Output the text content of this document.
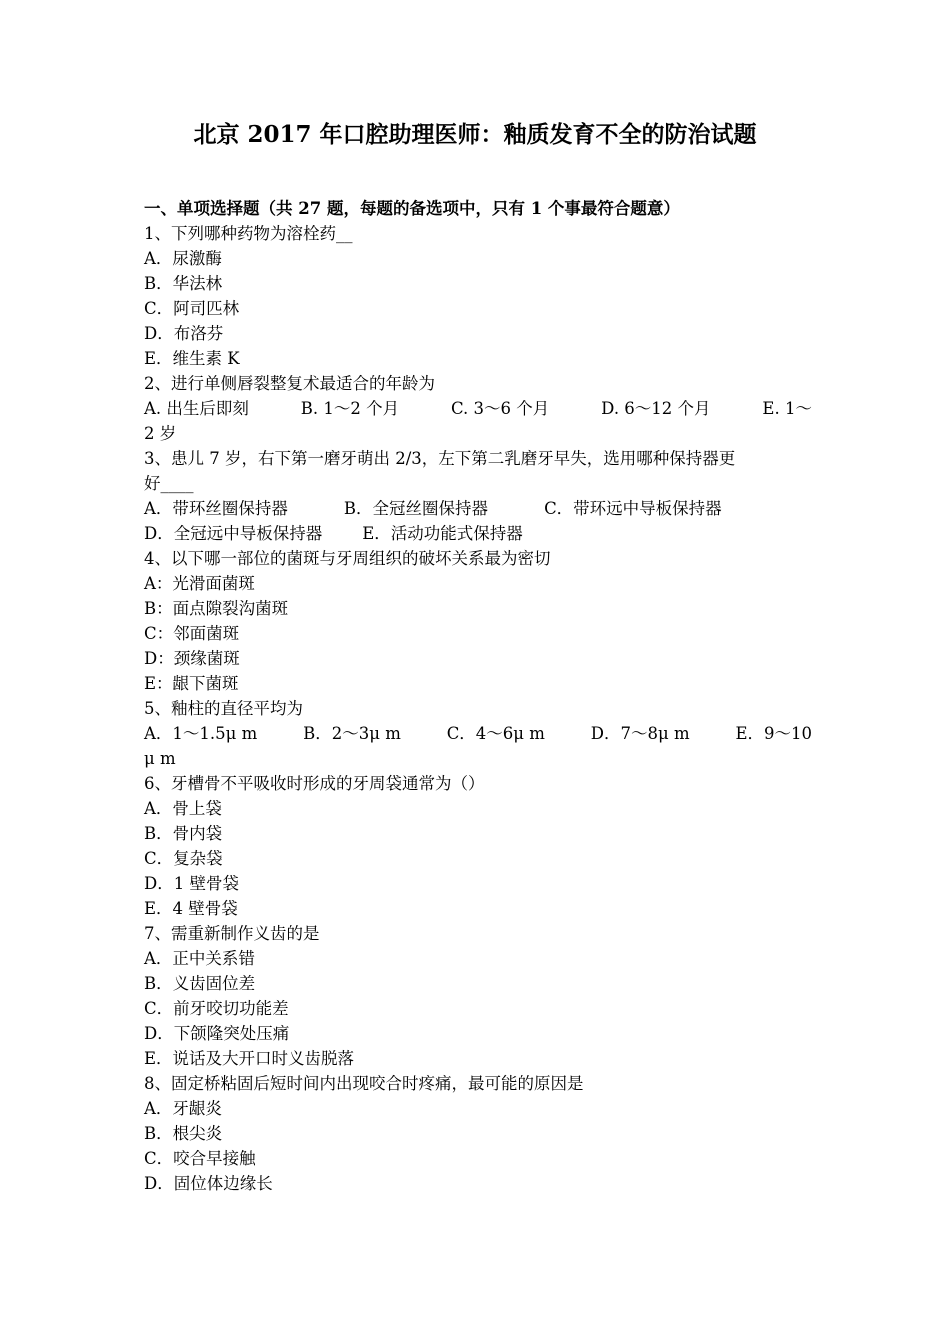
北京 2017 年口腔助理医师：釉质发育不全的防治试题
一、单项选择题（共 27 题，每题的备选项中，只有 1 个事最符合题意）
1、下列哪种药物为溶栓药__
A．尿激酶
B．华法林
C．阿司匹林
D．布洛芬
E．维生素 K
2、进行单侧唇裂整复术最适合的年龄为
A. 出生后即刻	B. 1～2 个月	C. 3～6 个月	D. 6～12 个月	E. 1～
2 岁
3、患儿 7 岁，右下第一磨牙萌出 2/3，左下第二乳磨牙早失，选用哪种保持器更
好____
A．带环丝圈保持器	B．全冠丝圈保持器	C．带环远中导板保持器
D．全冠远中导板保持器 E．活动功能式保持器
4、以下哪一部位的菌斑与牙周组织的破坏关系最为密切
A：光滑面菌斑
B：面点隙裂沟菌斑
C：邻面菌斑
D：颈缘菌斑
E：龈下菌斑
5、釉柱的直径平均为
A．1～1.5μ m	B．2～3μ m	C．4～6μ m	D．7～8μ m	E．9～10
μ m
6、牙槽骨不平吸收时形成的牙周袋通常为（）
A．骨上袋
B．骨内袋
C．复杂袋
D．1 壁骨袋
E．4 壁骨袋
7、需重新制作义齿的是
A．正中关系错
B．义齿固位差
C．前牙咬切功能差
D．下颌隆突处压痛
E．说话及大开口时义齿脱落
8、固定桥粘固后短时间内出现咬合时疼痛，最可能的原因是
A．牙龈炎
B．根尖炎
C．咬合早接触
D．固位体边缘长
